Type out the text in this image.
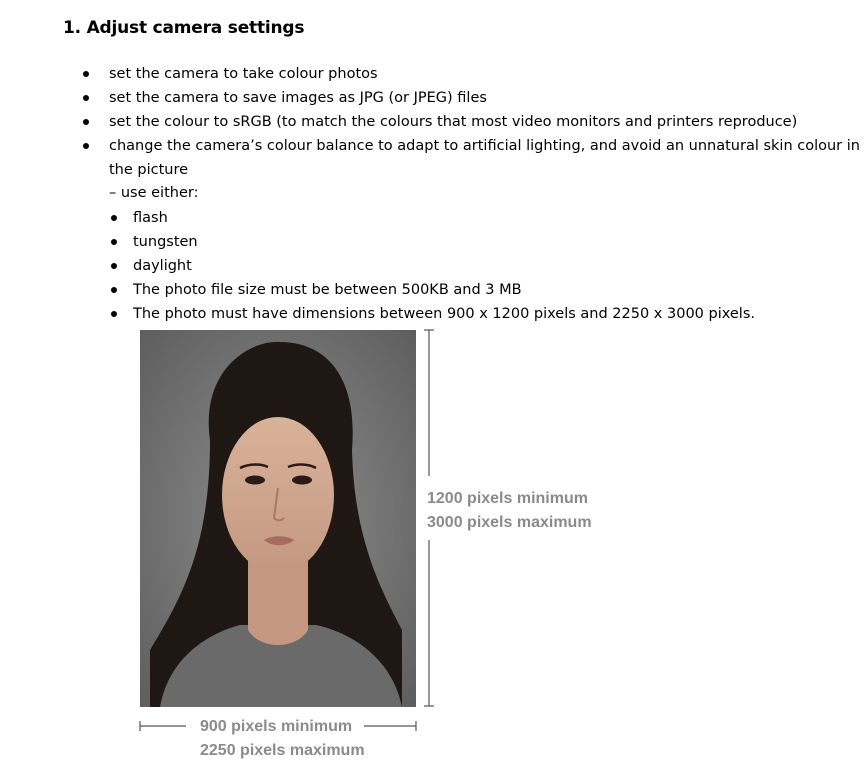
1. Adjust camera settings
set the camera to take colour photos
set the camera to save images as JPG (or JPEG) files
set the colour to sRGB (to match the colours that most video monitors and printers reproduce)
change the camera’s colour balance to adapt to artificial lighting, and avoid an unnatural skin colour in
the picture
– use either:
flash
tungsten
daylight
The photo file size must be between 500KB and 3 MB
The photo must have dimensions between 900 x 1200 pixels and 2250 x 3000 pixels.
1200 pixels minimum
3000 pixels maximum
900 pixels minimum
2250 pixels maximum
